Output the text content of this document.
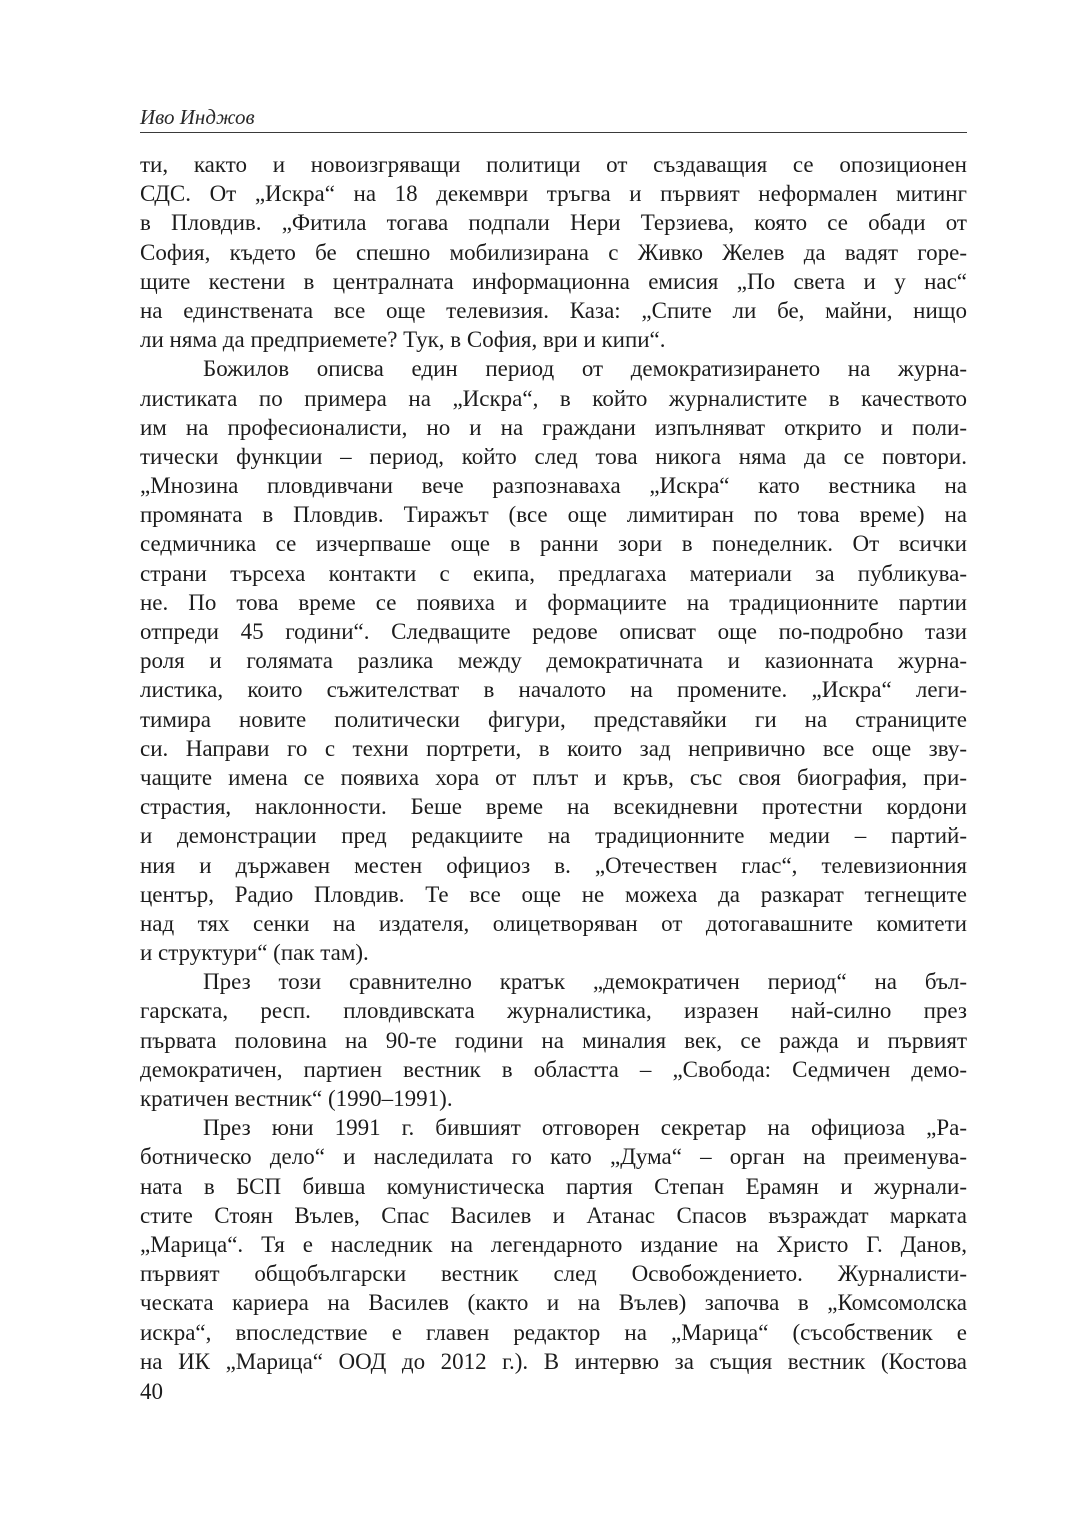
Иво Инджов
ти, както и новоизгряващи политици от създаващия се опозиционен
СДС. От „Искра“ на 18 декември тръгва и първият неформален митинг
в Пловдив. „Фитила тогава подпали Нери Терзиева, която се обади от
София, където бе спешно мобилизирана с Живко Желев да вадят горе-
щите кестени в централната информационна емисия „По света и у нас“
на единствената все още телевизия. Каза: „Спите ли бе, майни, нищо
ли няма да предприемете? Тук, в София, ври и кипи“.
Божилов описва един период от демократизирането на журна-
листиката по примера на „Искра“, в който журналистите в качеството
им на професионалисти, но и на граждани изпълняват открито и поли-
тически функции – период, който след това никога няма да се повтори.
„Мнозина пловдивчани вече разпознаваха „Искра“ като вестника на
промяната в Пловдив. Тиражът (все още лимитиран по това време) на
седмичника се изчерпваше още в ранни зори в понеделник. От всички
страни търсеха контакти с екипа, предлагаха материали за публикува-
не. По това време се появиха и формациите на традиционните партии
отпреди 45 години“. Следващите редове описват още по-подробно тази
роля и голямата разлика между демократичната и казионната журна-
листика, които съжителстват в началото на промените. „Искра“ леги-
тимира новите политически фигури, представяйки ги на страниците
си. Направи го с техни портрети, в които зад непривично все още зву-
чащите имена се появиха хора от плът и кръв, със своя биография, при-
страстия, наклонности. Беше време на всекидневни протестни кордони
и демонстрации пред редакциите на традиционните медии – партий-
ния и държавен местен официоз в. „Отечествен глас“, телевизионния
център, Радио Пловдив. Те все още не можеха да разкарат тегнещите
над тях сенки на издателя, олицетворяван от дотогавашните комитети
и структури“ (пак там).
През този сравнително кратък „демократичен период“ на бъл-
гарската, респ. пловдивската журналистика, изразен най-силно през
първата половина на 90-те години на миналия век, се ражда и първият
демократичен, партиен вестник в областта – „Свобода: Седмичен демо-
кратичен вестник“ (1990–1991).
През юни 1991 г. бившият отговорен секретар на официоза „Ра-
ботническо дело“ и наследилата го като „Дума“ – орган на преименува-
ната в БСП бивша комунистическа партия Степан Ерамян и журнали-
стите Стоян Вълев, Спас Василев и Атанас Спасов възраждат марката
„Марица“. Тя е наследник на легендарното издание на Христо Г. Данов,
първият общобългарски вестник след Освобождението. Журналисти-
ческата кариера на Василев (както и на Вълев) започва в „Комсомолска
искра“, впоследствие е главен редактор на „Марица“ (съсобственик е
на ИК „Марица“ ООД до 2012 г.). В интервю за същия вестник (Костова
40
